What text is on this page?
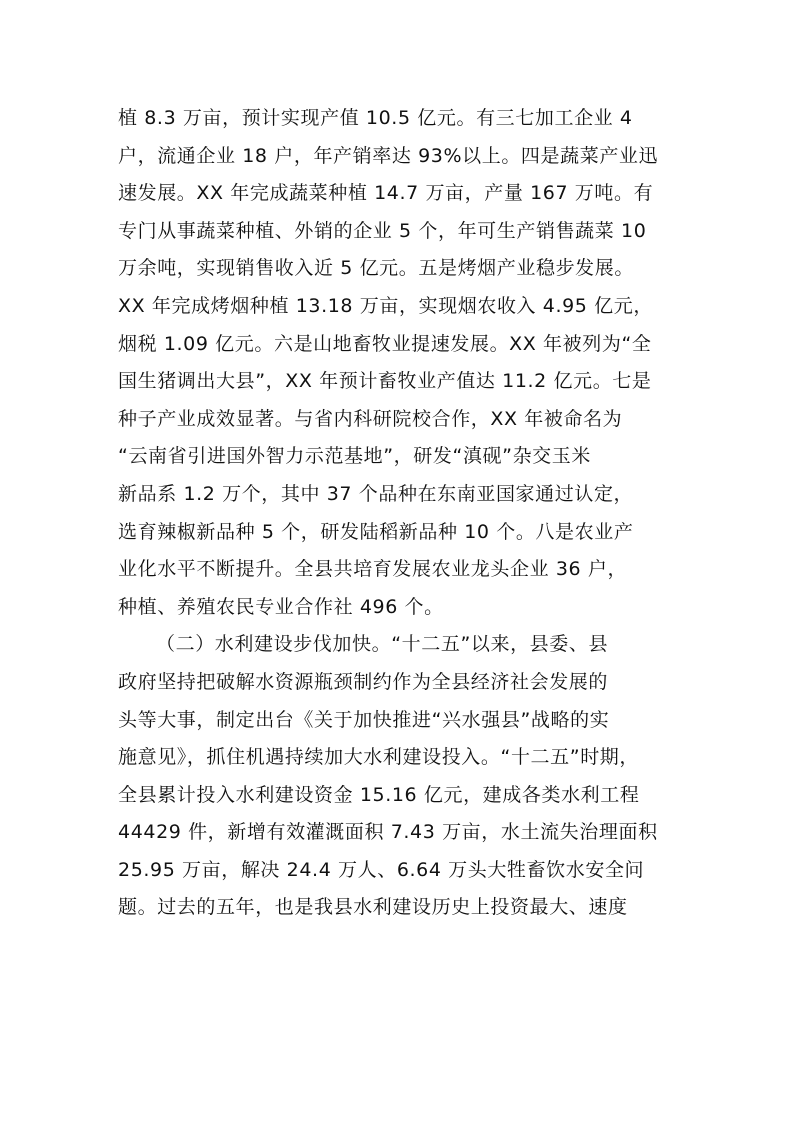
植 8.3 万亩，预计实现产值 10.5 亿元。有三七加工企业 4
户，流通企业 18 户，年产销率达 93%以上。四是蔬菜产业迅
速发展。XX 年完成蔬菜种植 14.7 万亩，产量 167 万吨。有
专门从事蔬菜种植、外销的企业 5 个，年可生产销售蔬菜 10
万余吨，实现销售收入近 5 亿元。五是烤烟产业稳步发展。
XX 年完成烤烟种植 13.18 万亩，实现烟农收入 4.95 亿元，
烟税 1.09 亿元。六是山地畜牧业提速发展。XX 年被列为“全
国生猪调出大县”，XX 年预计畜牧业产值达 11.2 亿元。七是
种子产业成效显著。与省内科研院校合作，XX 年被命名为
“云南省引进国外智力示范基地”，研发“滇砚”杂交玉米
新品系 1.2 万个，其中 37 个品种在东南亚国家通过认定，
选育辣椒新品种 5 个，研发陆稻新品种 10 个。八是农业产
业化水平不断提升。全县共培育发展农业龙头企业 36 户，
种植、养殖农民专业合作社 496 个。
（二）水利建设步伐加快。“十二五”以来，县委、县
政府坚持把破解水资源瓶颈制约作为全县经济社会发展的
头等大事，制定出台《关于加快推进“兴水强县”战略的实
施意见》，抓住机遇持续加大水利建设投入。“十二五”时期，
全县累计投入水利建设资金 15.16 亿元，建成各类水利工程
44429 件，新增有效灌溉面积 7.43 万亩，水土流失治理面积
25.95 万亩，解决 24.4 万人、6.64 万头大牲畜饮水安全问
题。过去的五年，也是我县水利建设历史上投资最大、速度
